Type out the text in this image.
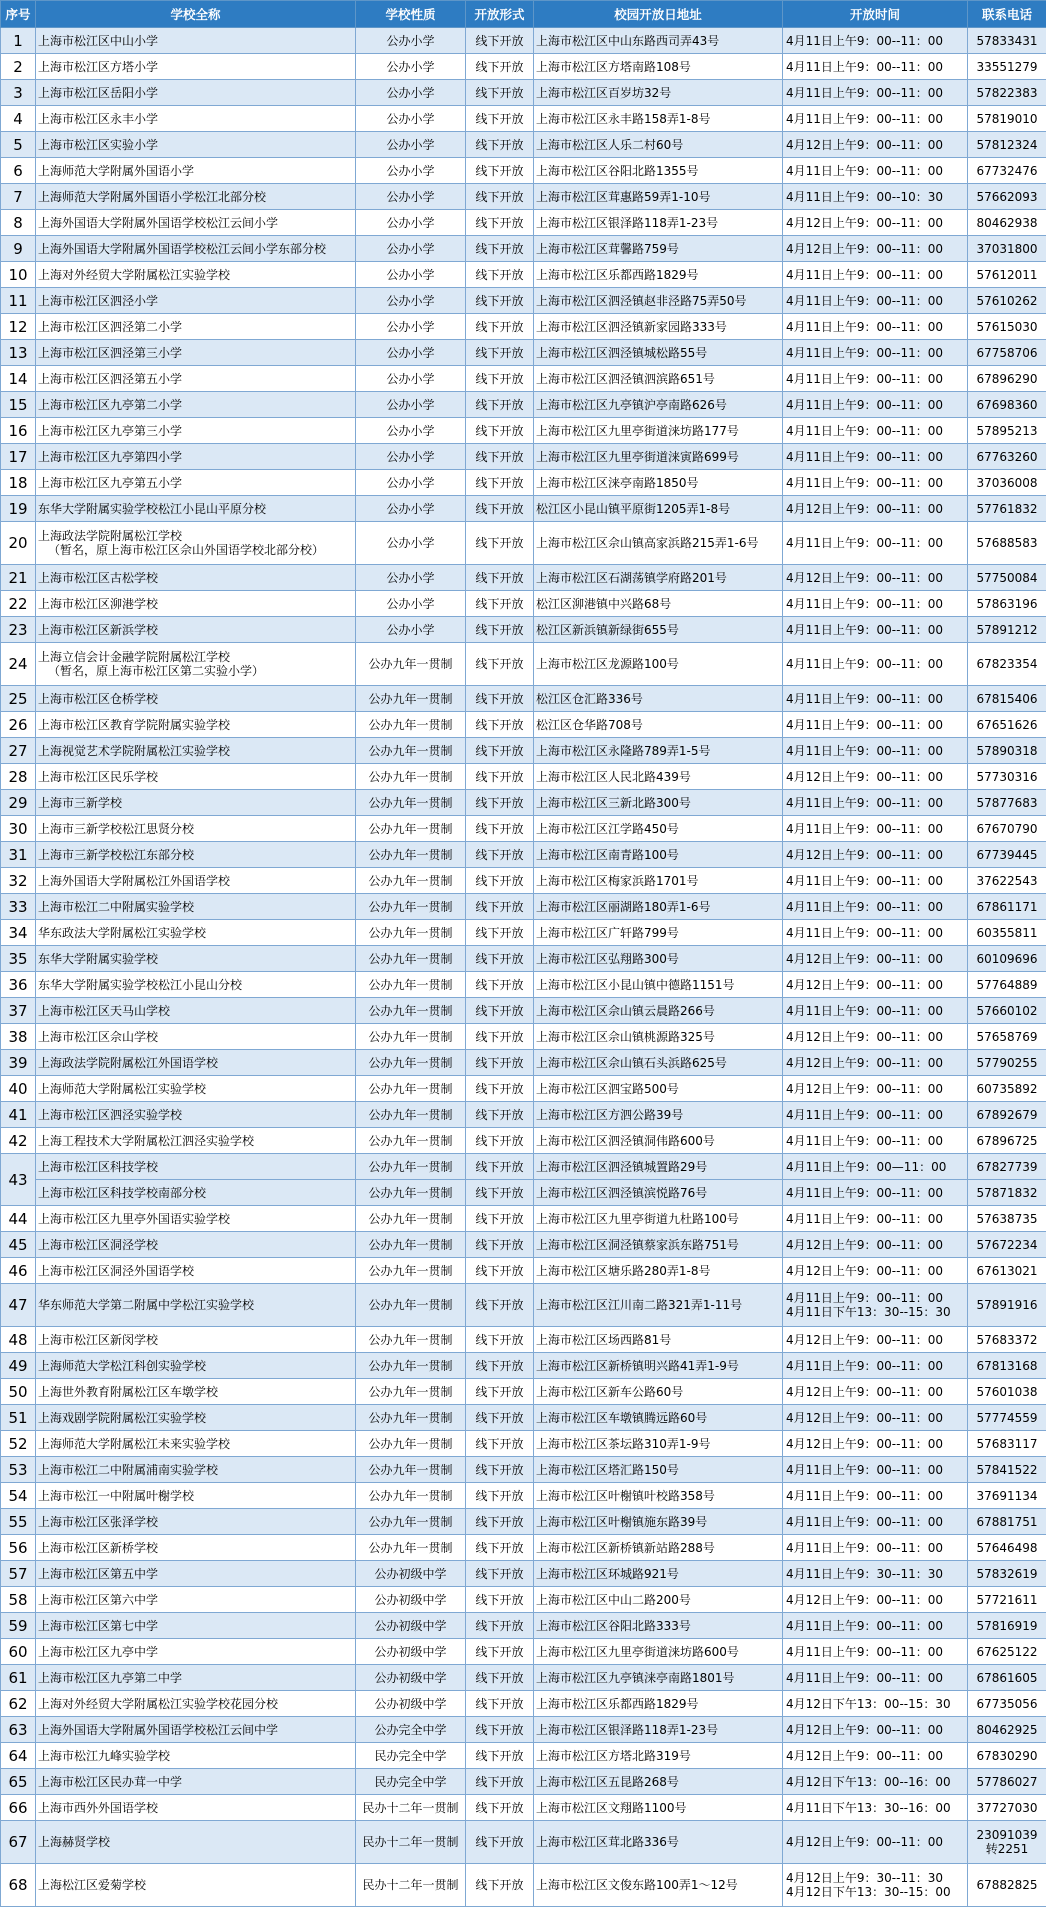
序号	学校全称	学校性质	开放形式	校园开放日地址	开放时间	联系电话
1	上海市松江区中山小学	公办小学	线下开放	上海市松江区中山东路西司弄43号	4月11日上午9：00--11：00	57833431

2	上海市松江区方塔小学	公办小学	线下开放	上海市松江区方塔南路108号	4月11日上午9：00--11：00	33551279

3	上海市松江区岳阳小学	公办小学	线下开放	上海市松江区百岁坊32号	4月11日上午9：00--11：00	57822383

4	上海市松江区永丰小学	公办小学	线下开放	上海市松江区永丰路158弄1-8号	4月11日上午9：00--11：00	57819010

5	上海市松江区实验小学	公办小学	线下开放	上海市松江区人乐二村60号	4月12日上午9：00--11：00	57812324

6	上海师范大学附属外国语小学	公办小学	线下开放	上海市松江区谷阳北路1355号	4月11日上午9：00--11：00	67732476

7	上海师范大学附属外国语小学松江北部分校	公办小学	线下开放	上海市松江区茸惠路59弄1-10号	4月11日上午9：00--10：30	57662093

8	上海外国语大学附属外国语学校松江云间小学	公办小学	线下开放	上海市松江区银泽路118弄1-23号	4月12日上午9：00--11：00	80462938

9	上海外国语大学附属外国语学校松江云间小学东部分校	公办小学	线下开放	上海市松江区茸馨路759号	4月12日上午9：00--11：00	37031800

10	上海对外经贸大学附属松江实验学校	公办小学	线下开放	上海市松江区乐都西路1829号	4月11日上午9：00--11：00	57612011

11	上海市松江区泗泾小学	公办小学	线下开放	上海市松江区泗泾镇赵非泾路75弄50号	4月11日上午9：00--11：00	57610262

12	上海市松江区泗泾第二小学	公办小学	线下开放	上海市松江区泗泾镇新家园路333号	4月11日上午9：00--11：00	57615030

13	上海市松江区泗泾第三小学	公办小学	线下开放	上海市松江区泗泾镇城松路55号	4月11日上午9：00--11：00	67758706

14	上海市松江区泗泾第五小学	公办小学	线下开放	上海市松江区泗泾镇泗滨路651号	4月11日上午9：00--11：00	67896290

15	上海市松江区九亭第二小学	公办小学	线下开放	上海市松江区九亭镇沪亭南路626号	4月11日上午9：00--11：00	67698360

16	上海市松江区九亭第三小学	公办小学	线下开放	上海市松江区九里亭街道涞坊路177号	4月11日上午9：00--11：00	57895213

17	上海市松江区九亭第四小学	公办小学	线下开放	上海市松江区九里亭街道涞寅路699号	4月11日上午9：00--11：00	67763260

18	上海市松江区九亭第五小学	公办小学	线下开放	上海市松江区涞亭南路1850号	4月11日上午9：00--11：00	37036008

19	东华大学附属实验学校松江小昆山平原分校	公办小学	线下开放	松江区小昆山镇平原街1205弄1-8号	4月12日上午9：00--11：00	57761832

20	上海政法学院附属松江学校
（暂名，原上海市松江区佘山外国语学校北部分校）	公办小学	线下开放	上海市松江区佘山镇高家浜路215弄1-6号	4月11日上午9：00--11：00	57688583

21	上海市松江区古松学校	公办小学	线下开放	上海市松江区石湖荡镇学府路201号	4月12日上午9：00--11：00	57750084

22	上海市松江区泖港学校	公办小学	线下开放	松江区泖港镇中兴路68号	4月11日上午9：00--11：00	57863196

23	上海市松江区新浜学校	公办小学	线下开放	松江区新浜镇新绿街655号	4月11日上午9：00--11：00	57891212

24	上海立信会计金融学院附属松江学校
（暂名，原上海市松江区第二实验小学）	公办九年一贯制	线下开放	上海市松江区龙源路100号	4月11日上午9：00--11：00	67823354

25	上海市松江区仓桥学校	公办九年一贯制	线下开放	松江区仓汇路336号	4月11日上午9：00--11：00	67815406

26	上海市松江区教育学院附属实验学校	公办九年一贯制	线下开放	松江区仓华路708号	4月11日上午9：00--11：00	67651626

27	上海视觉艺术学院附属松江实验学校	公办九年一贯制	线下开放	上海市松江区永隆路789弄1-5号	4月11日上午9：00--11：00	57890318

28	上海市松江区民乐学校	公办九年一贯制	线下开放	上海市松江区人民北路439号	4月12日上午9：00--11：00	57730316

29	上海市三新学校	公办九年一贯制	线下开放	上海市松江区三新北路300号	4月11日上午9：00--11：00	57877683

30	上海市三新学校松江思贤分校	公办九年一贯制	线下开放	上海市松江区江学路450号	4月11日上午9：00--11：00	67670790

31	上海市三新学校松江东部分校	公办九年一贯制	线下开放	上海市松江区南青路100号	4月12日上午9：00--11：00	67739445

32	上海外国语大学附属松江外国语学校	公办九年一贯制	线下开放	上海市松江区梅家浜路1701号	4月11日上午9：00--11：00	37622543

33	上海市松江二中附属实验学校	公办九年一贯制	线下开放	上海市松江区丽湖路180弄1-6号	4月11日上午9：00--11：00	67861171

34	华东政法大学附属松江实验学校	公办九年一贯制	线下开放	上海市松江区广轩路799号	4月11日上午9：00--11：00	60355811

35	东华大学附属实验学校	公办九年一贯制	线下开放	上海市松江区弘翔路300号	4月12日上午9：00--11：00	60109696

36	东华大学附属实验学校松江小昆山分校	公办九年一贯制	线下开放	上海市松江区小昆山镇中德路1151号	4月12日上午9：00--11：00	57764889

37	上海市松江区天马山学校	公办九年一贯制	线下开放	上海市松江区佘山镇云晨路266号	4月11日上午9：00--11：00	57660102

38	上海市松江区佘山学校	公办九年一贯制	线下开放	上海市松江区佘山镇桃源路325号	4月12日上午9：00--11：00	57658769

39	上海政法学院附属松江外国语学校	公办九年一贯制	线下开放	上海市松江区佘山镇石头浜路625号	4月12日上午9：00--11：00	57790255

40	上海师范大学附属松江实验学校	公办九年一贯制	线下开放	上海市松江区泗宝路500号	4月12日上午9：00--11：00	60735892

41	上海市松江区泗泾实验学校	公办九年一贯制	线下开放	上海市松江区方泗公路39号	4月11日上午9：00--11：00	67892679

42	上海工程技术大学附属松江泗泾实验学校	公办九年一贯制	线下开放	上海市松江区泗泾镇洞伟路600号	4月11日上午9：00--11：00	67896725

43	上海市松江区科技学校	公办九年一贯制	线下开放	上海市松江区泗泾镇城置路29号	4月11日上午9：00—11：00	67827739

	上海市松江区科技学校南部分校	公办九年一贯制	线下开放	上海市松江区泗泾镇滨悦路76号	4月11日上午9：00--11：00	57871832

44	上海市松江区九里亭外国语实验学校	公办九年一贯制	线下开放	上海市松江区九里亭街道九杜路100号	4月11日上午9：00--11：00	57638735

45	上海市松江区洞泾学校	公办九年一贯制	线下开放	上海市松江区洞泾镇蔡家浜东路751号	4月12日上午9：00--11：00	57672234

46	上海市松江区洞泾外国语学校	公办九年一贯制	线下开放	上海市松江区塘乐路280弄1-8号	4月12日上午9：00--11：00	67613021

47	华东师范大学第二附属中学松江实验学校	公办九年一贯制	线下开放	上海市松江区江川南二路321弄1-11号	4月11日上午9：00--11：00
4月11日下午13：30--15：30	57891916

48	上海市松江区新闵学校	公办九年一贯制	线下开放	上海市松江区场西路81号	4月12日上午9：00--11：00	57683372

49	上海师范大学松江科创实验学校	公办九年一贯制	线下开放	上海市松江区新桥镇明兴路41弄1-9号	4月11日上午9：00--11：00	67813168

50	上海世外教育附属松江区车墩学校	公办九年一贯制	线下开放	上海市松江区新车公路60号	4月12日上午9：00--11：00	57601038

51	上海戏剧学院附属松江实验学校	公办九年一贯制	线下开放	上海市松江区车墩镇腾远路60号	4月12日上午9：00--11：00	57774559

52	上海师范大学附属松江未来实验学校	公办九年一贯制	线下开放	上海市松江区茶坛路310弄1-9号	4月12日上午9：00--11：00	57683117

53	上海市松江二中附属浦南实验学校	公办九年一贯制	线下开放	上海市松江区塔汇路150号	4月11日上午9：00--11：00	57841522

54	上海市松江一中附属叶榭学校	公办九年一贯制	线下开放	上海市松江区叶榭镇叶校路358号	4月11日上午9：00--11：00	37691134

55	上海市松江区张泽学校	公办九年一贯制	线下开放	上海市松江区叶榭镇施东路39号	4月11日上午9：00--11：00	67881751

56	上海市松江区新桥学校	公办九年一贯制	线下开放	上海市松江区新桥镇新站路288号	4月11日上午9：00--11：00	57646498

57	上海市松江区第五中学	公办初级中学	线下开放	上海市松江区环城路921号	4月11日上午9：30--11：30	57832619

58	上海市松江区第六中学	公办初级中学	线下开放	上海市松江区中山二路200号	4月12日上午9：00--11：00	57721611

59	上海市松江区第七中学	公办初级中学	线下开放	上海市松江区谷阳北路333号	4月11日上午9：00--11：00	57816919

60	上海市松江区九亭中学	公办初级中学	线下开放	上海市松江区九里亭街道涞坊路600号	4月11日上午9：00--11：00	67625122

61	上海市松江区九亭第二中学	公办初级中学	线下开放	上海市松江区九亭镇涞亭南路1801号	4月11日上午9：00--11：00	67861605

62	上海对外经贸大学附属松江实验学校花园分校	公办初级中学	线下开放	上海市松江区乐都西路1829号	4月12日下午13：00--15：30	67735056

63	上海外国语大学附属外国语学校松江云间中学	公办完全中学	线下开放	上海市松江区银泽路118弄1-23号	4月12日上午9：00--11：00	80462925

64	上海市松江九峰实验学校	民办完全中学	线下开放	上海市松江区方塔北路319号	4月12日上午9：00--11：00	67830290

65	上海市松江区民办茸一中学	民办完全中学	线下开放	上海市松江区五昆路268号	4月12日下午13：00--16：00	57786027

66	上海市西外外国语学校	民办十二年一贯制	线下开放	上海市松江区文翔路1100号	4月11日下午13：30--16：00	37727030

67	上海赫贤学校	民办十二年一贯制	线下开放	上海市松江区茸北路336号	4月12日上午9：00--11：00	23091039
转2251

68	上海松江区爱菊学校	民办十二年一贯制	线下开放	上海市松江区文俊东路100弄1～12号	4月12日上午9：30--11：30
4月12日下午13：30--15：00	67882825
